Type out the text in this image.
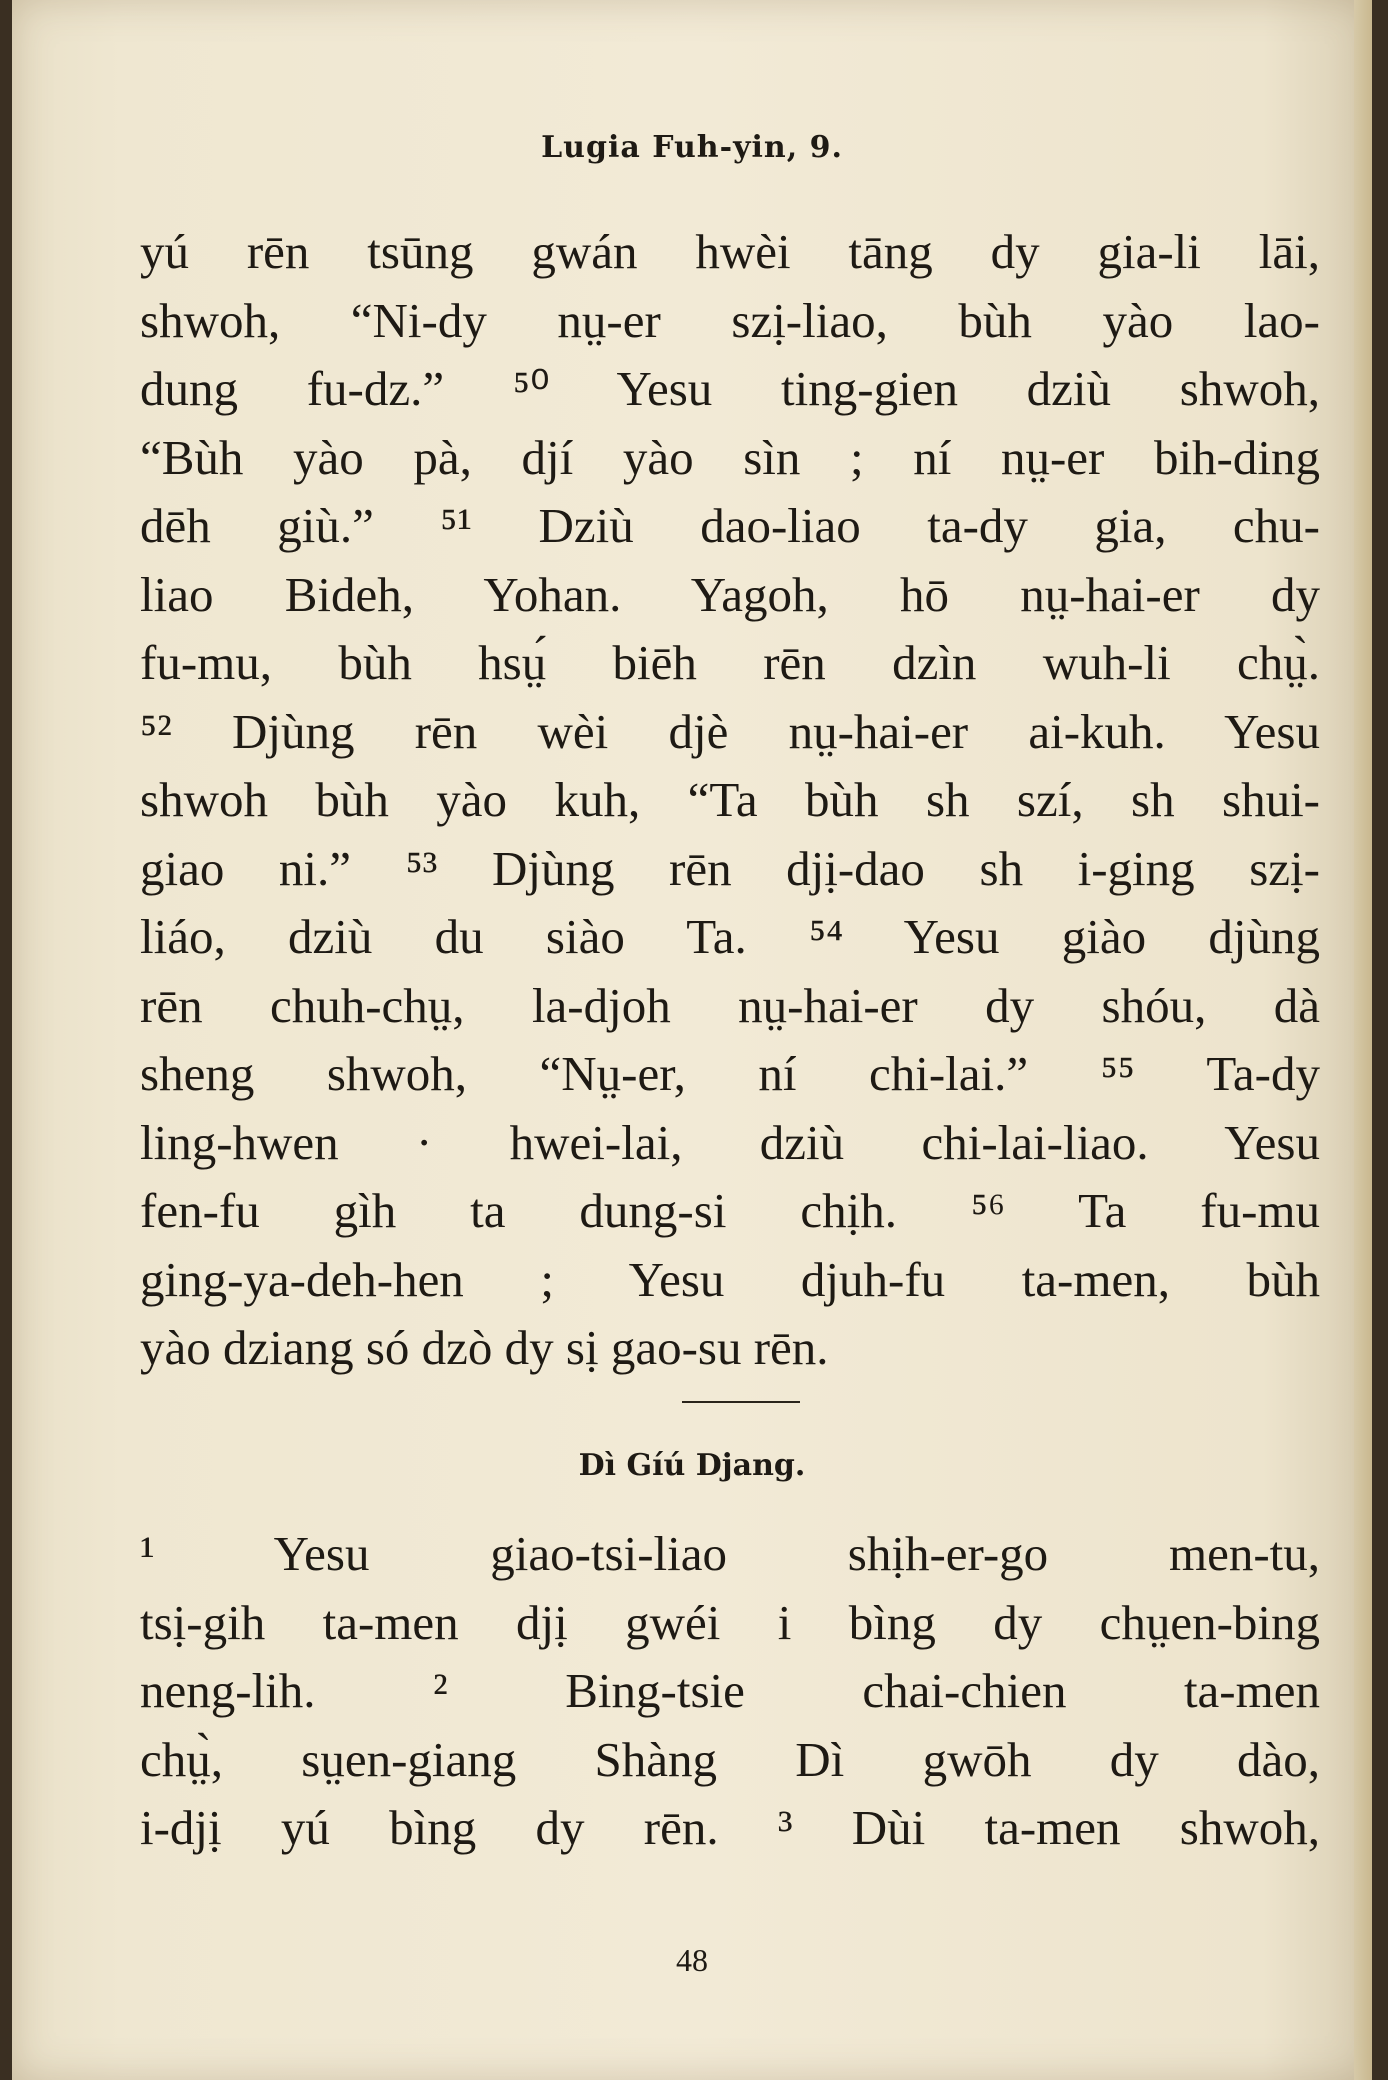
Lugia Fuh-yin, 9.
yú rēn tsūng gwán hwèi tāng dy gia-li lāi,
shwoh, “Ni-dy nṳ-er szị-liao, bùh yào lao-
dung fu-dz.” ⁵⁰ Yesu ting-gien dziù shwoh,
“Bùh yào pà, djí yào sìn ; ní nṳ-er bih-ding
dēh giù.” ⁵¹ Dziù dao-liao ta-dy gia, chu-
liao Bideh, Yohan. Yagoh, hō nṳ-hai-er dy
fu-mu, bùh hsṳ́ biēh rēn dzìn wuh-li chṳ̀.
⁵² Djùng rēn wèi djè nṳ-hai-er ai-kuh. Yesu
shwoh bùh yào kuh, “Ta bùh sh szí, sh shui-
giao ni.” ⁵³ Djùng rēn djị-dao sh i-ging szị-
liáo, dziù du siào Ta. ⁵⁴ Yesu giào djùng
rēn chuh-chṳ, la-djoh nṳ-hai-er dy shóu, dà
sheng shwoh, “Nṳ-er, ní chi-lai.” ⁵⁵ Ta-dy
ling-hwen · hwei-lai, dziù chi-lai-liao. Yesu
fen-fu gìh ta dung-si chịh. ⁵⁶ Ta fu-mu
ging-ya-deh-hen ; Yesu djuh-fu ta-men, bùh
yào dziang só dzò dy sị gao-su rēn.
Dì Gíú Djang.
¹ Yesu giao-tsi-liao shịh-er-go men-tu,
tsị-gih ta-men djị gwéi i bìng dy chṳen-bing
neng-lih. ² Bing-tsie chai-chien ta-men
chṳ̀, sṳen-giang Shàng Dì gwōh dy dào,
i-djị yú bìng dy rēn. ³ Dùi ta-men shwoh,
48
